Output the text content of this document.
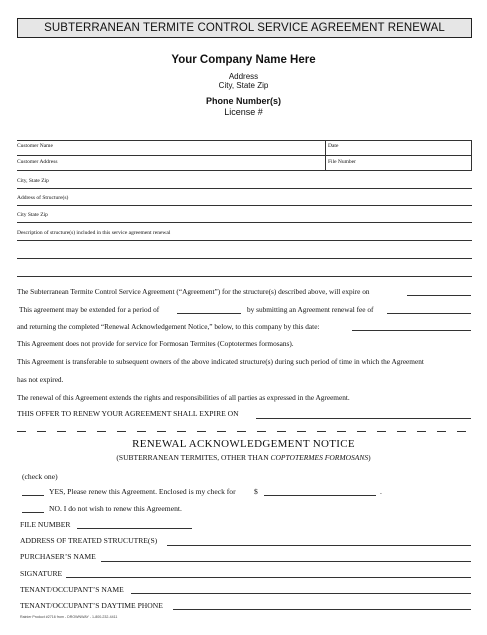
SUBTERRANEAN TERMITE CONTROL SERVICE AGREEMENT RENEWAL
Your Company Name Here
Address
City, State Zip
Phone Number(s)
License #
Customer Name	Date
Customer Address	File Number
City, State Zip
Address of Structure(s)
City State Zip
Description of structure(s) included in this service agreement renewal
The Subterranean Termite Control Service Agreement (“Agreement”) for the structure(s) described above, will expire on
This agreement may be extended for a period of	by submitting an Agreement renewal fee of
and returning the completed “Renewal Acknowledgement Notice,” below, to this company by this date:
This Agreement does not provide for service for Formosan Termites (Coptotermes formosans).
This Agreement is transferable to subsequent owners of the above indicated structure(s) during such period of time in which the Agreement
has not expired.
The renewal of this Agreement extends the rights and responsibilities of all parties as expressed in the Agreement.
THIS OFFER TO RENEW YOUR AGREEMENT SHALL EXPIRE ON
RENEWAL ACKNOWLEDGEMENT NOTICE
(SUBTERRANEAN TERMITES, OTHER THAN COPTOTERMES FORMOSANS)
(check one)
YES, Please renew this Agreement. Enclosed is my check for $	.
NO. I do not wish to renew this Agreement.
FILE NUMBER
ADDRESS OF TREATED STRUCUTRE(S)
PURCHASER’S NAME
SIGNATURE
TENANT/OCCUPANT’S NAME
TENANT/OCCUPANT’S DAYTIME PHONE
Rainier Product #2716 from - DROWNWAY - 1-800-232-4411
